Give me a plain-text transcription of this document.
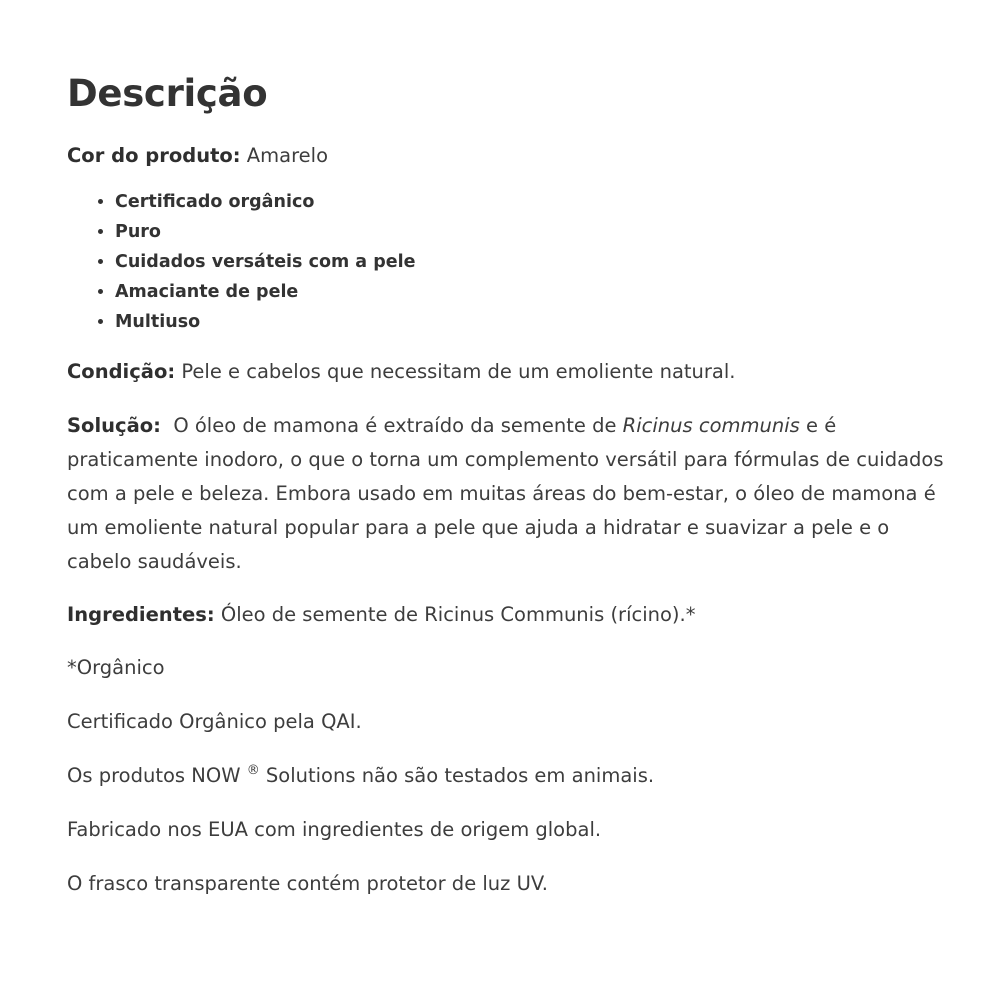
Descrição

Cor do produto: Amarelo

• Certificado orgânico
• Puro
• Cuidados versáteis com a pele
• Amaciante de pele
• Multiuso

Condição: Pele e cabelos que necessitam de um emoliente natural.

Solução:  O óleo de mamona é extraído da semente de Ricinus communis e é praticamente inodoro, o que o torna um complemento versátil para fórmulas de cuidados com a pele e beleza. Embora usado em muitas áreas do bem-estar, o óleo de mamona é um emoliente natural popular para a pele que ajuda a hidratar e suavizar a pele e o cabelo saudáveis.

Ingredientes: Óleo de semente de Ricinus Communis (rícino).*

*Orgânico

Certificado Orgânico pela QAI.

Os produtos NOW ® Solutions não são testados em animais.

Fabricado nos EUA com ingredientes de origem global.

O frasco transparente contém protetor de luz UV.
